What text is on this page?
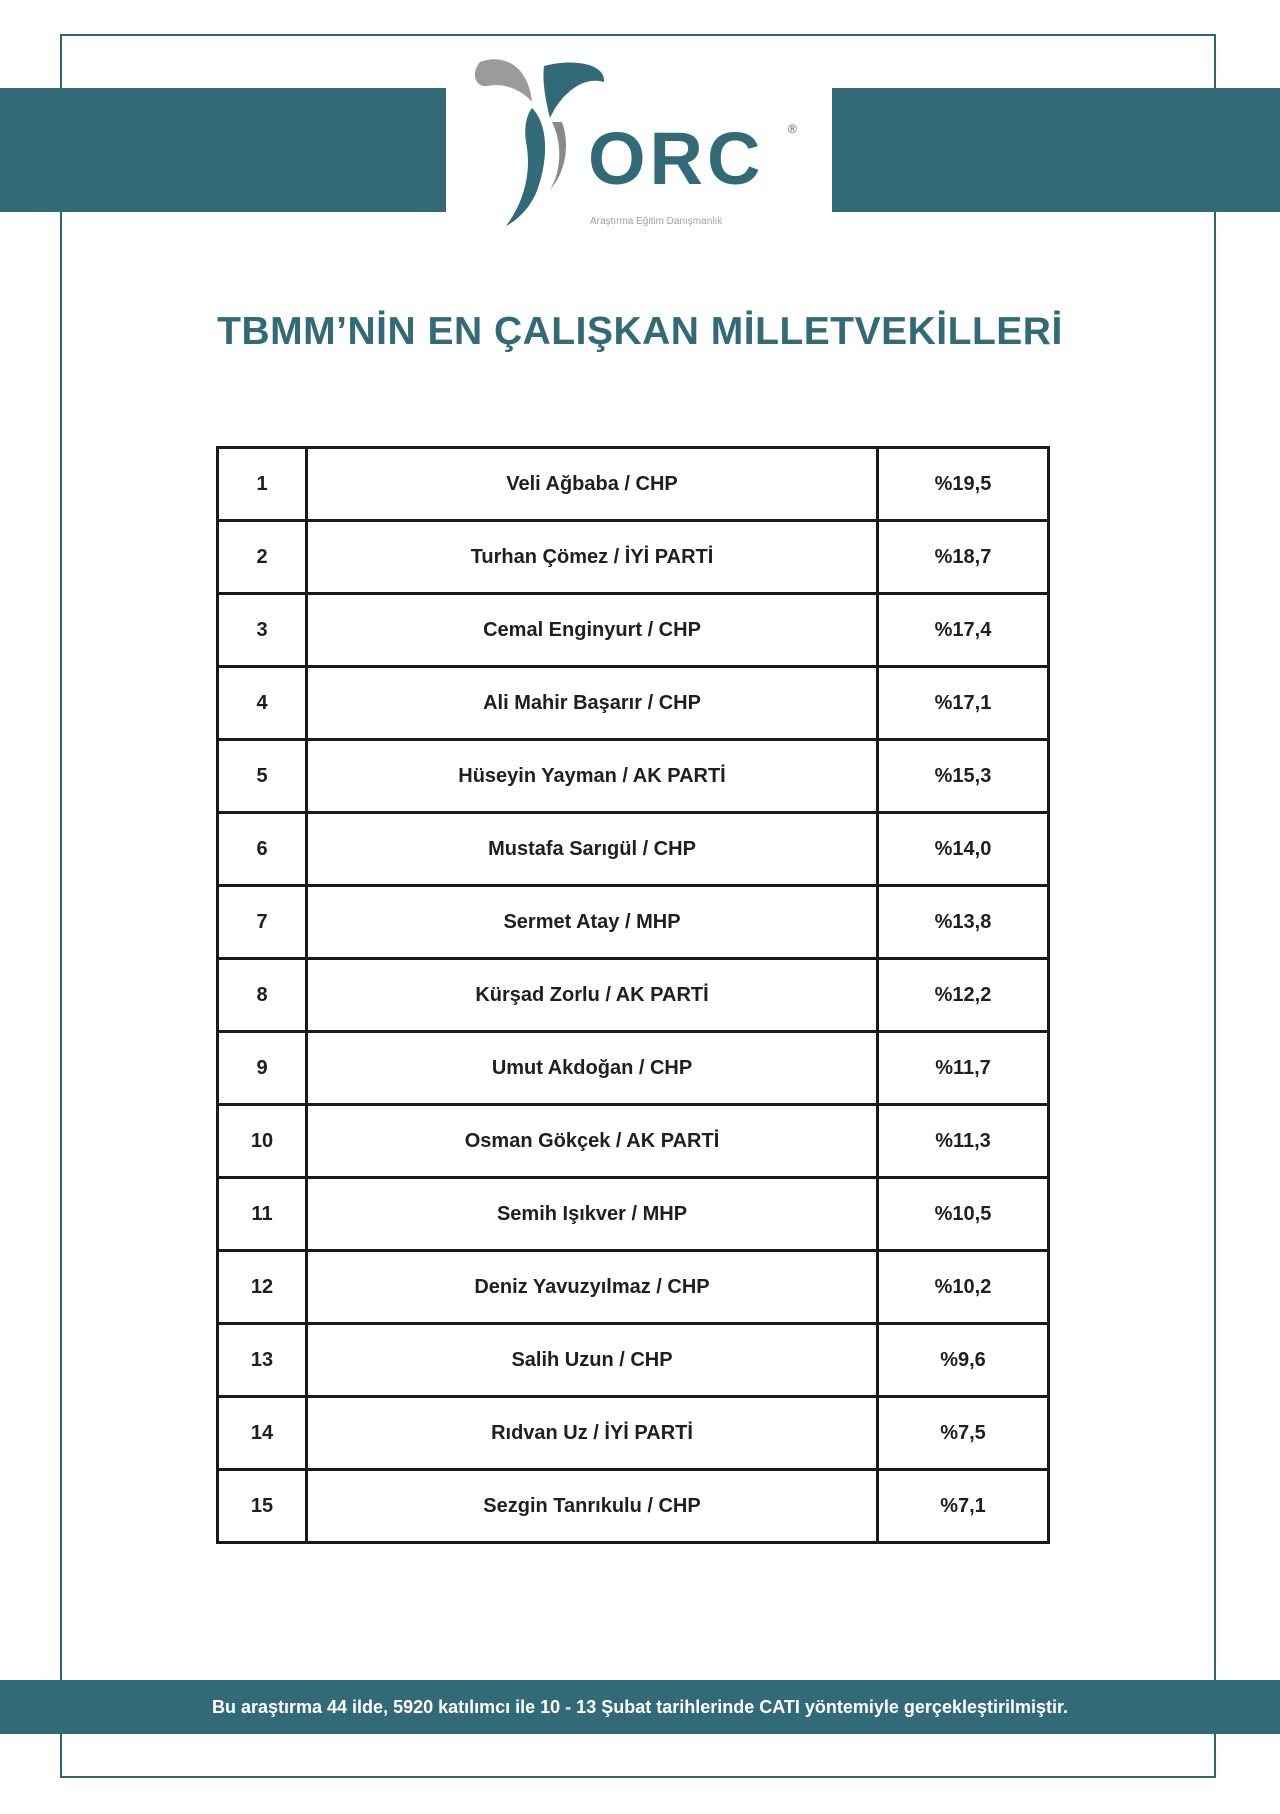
ORC ®
Araştırma Eğitim Danışmanlık
TBMM’NİN EN ÇALIŞKAN MİLLETVEKİLLERİ
1	Veli Ağbaba / CHP	%19,5
2	Turhan Çömez / İYİ PARTİ	%18,7
3	Cemal Enginyurt / CHP	%17,4
4	Ali Mahir Başarır / CHP	%17,1
5	Hüseyin Yayman / AK PARTİ	%15,3
6	Mustafa Sarıgül / CHP	%14,0
7	Sermet Atay / MHP	%13,8
8	Kürşad Zorlu / AK PARTİ	%12,2
9	Umut Akdoğan / CHP	%11,7
10	Osman Gökçek / AK PARTİ	%11,3
11	Semih Işıkver / MHP	%10,5
12	Deniz Yavuzyılmaz / CHP	%10,2
13	Salih Uzun / CHP	%9,6
14	Rıdvan Uz / İYİ PARTİ	%7,5
15	Sezgin Tanrıkulu / CHP	%7,1
Bu araştırma 44 ilde, 5920 katılımcı ile 10 - 13 Şubat tarihlerinde CATI yöntemiyle gerçekleştirilmiştir.
